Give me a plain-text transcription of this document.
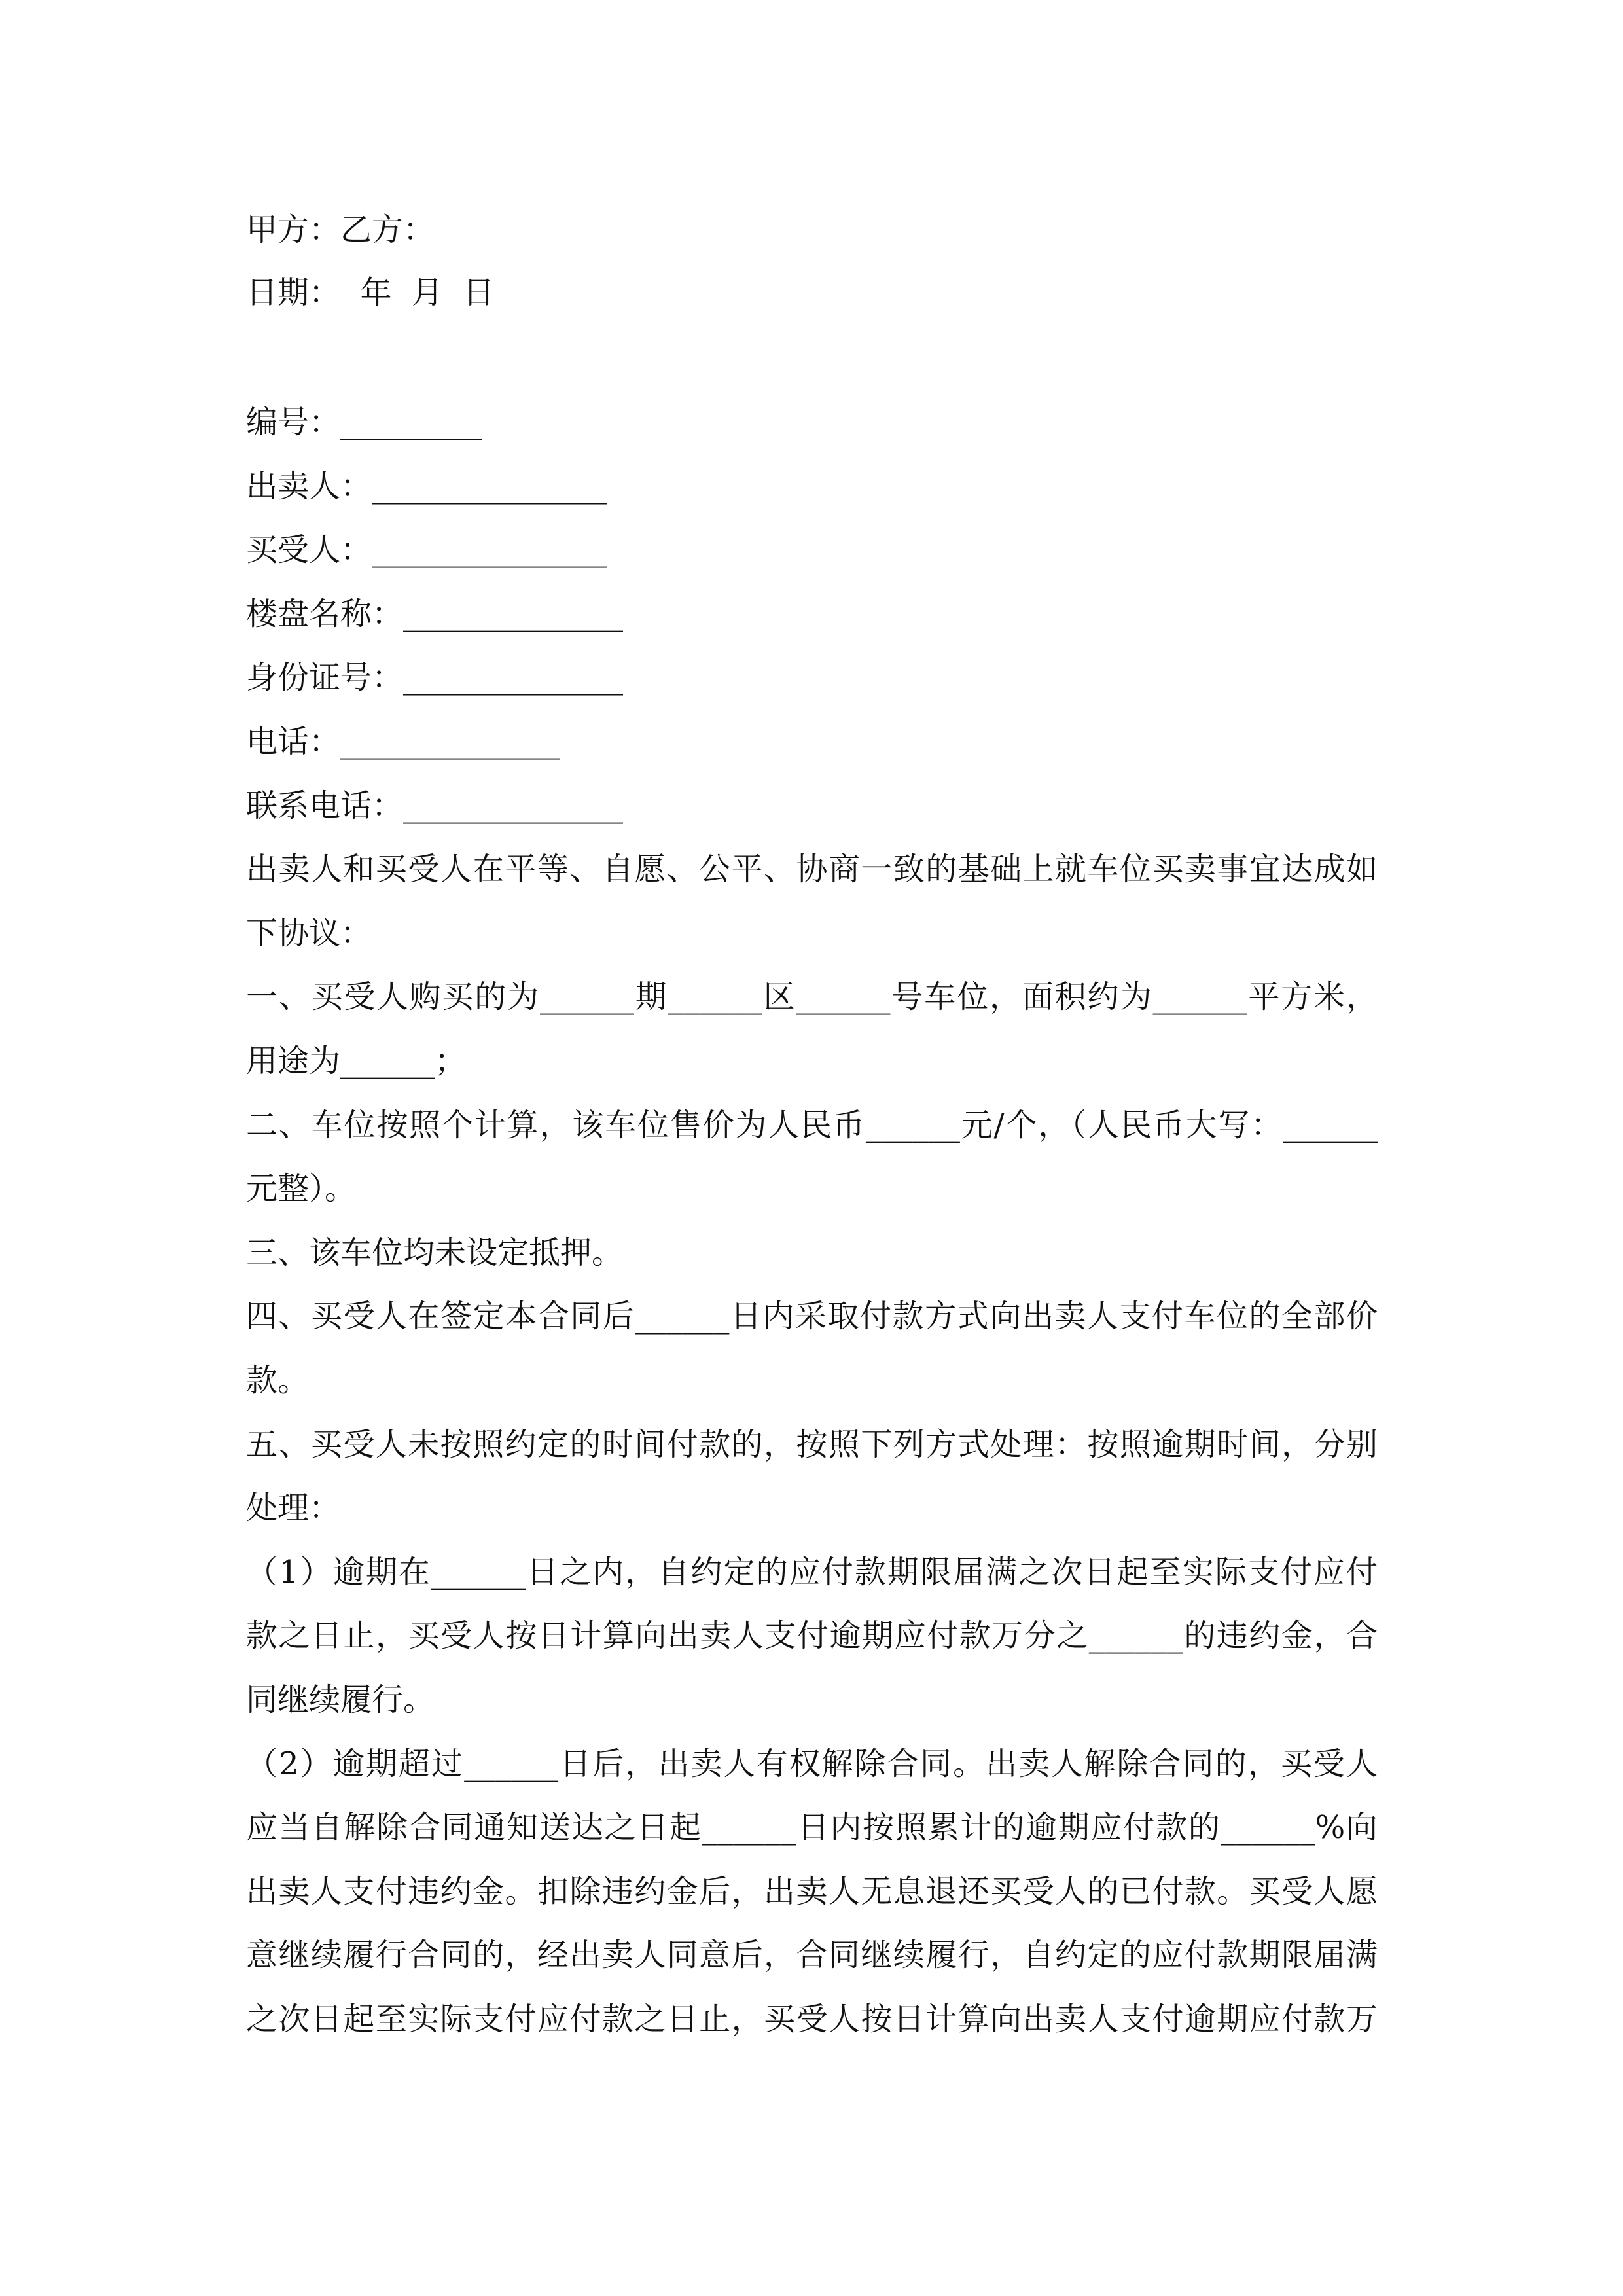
甲方：乙方：
日期：  年  月  日
编号：_________
出卖人：_______________
买受人：_______________
楼盘名称：______________
身份证号：______________
电话：______________
联系电话：______________
出卖人和买受人在平等、自愿、公平、协商一致的基础上就车位买卖事宜达成如
下协议：
一、买受人购买的为______期______区______号车位，面积约为______平方米，
用途为______；
二、车位按照个计算，该车位售价为人民币______元/个，（人民币大写：______
元整）。
三、该车位均未设定抵押。
四、买受人在签定本合同后______日内采取付款方式向出卖人支付车位的全部价
款。
五、买受人未按照约定的时间付款的，按照下列方式处理：按照逾期时间，分别
处理：
（1）逾期在______日之内，自约定的应付款期限届满之次日起至实际支付应付
款之日止，买受人按日计算向出卖人支付逾期应付款万分之______的违约金，合
同继续履行。
（2）逾期超过______日后，出卖人有权解除合同。出卖人解除合同的，买受人
应当自解除合同通知送达之日起______日内按照累计的逾期应付款的______%向
出卖人支付违约金。扣除违约金后，出卖人无息退还买受人的已付款。买受人愿
意继续履行合同的，经出卖人同意后，合同继续履行，自约定的应付款期限届满
之次日起至实际支付应付款之日止，买受人按日计算向出卖人支付逾期应付款万
